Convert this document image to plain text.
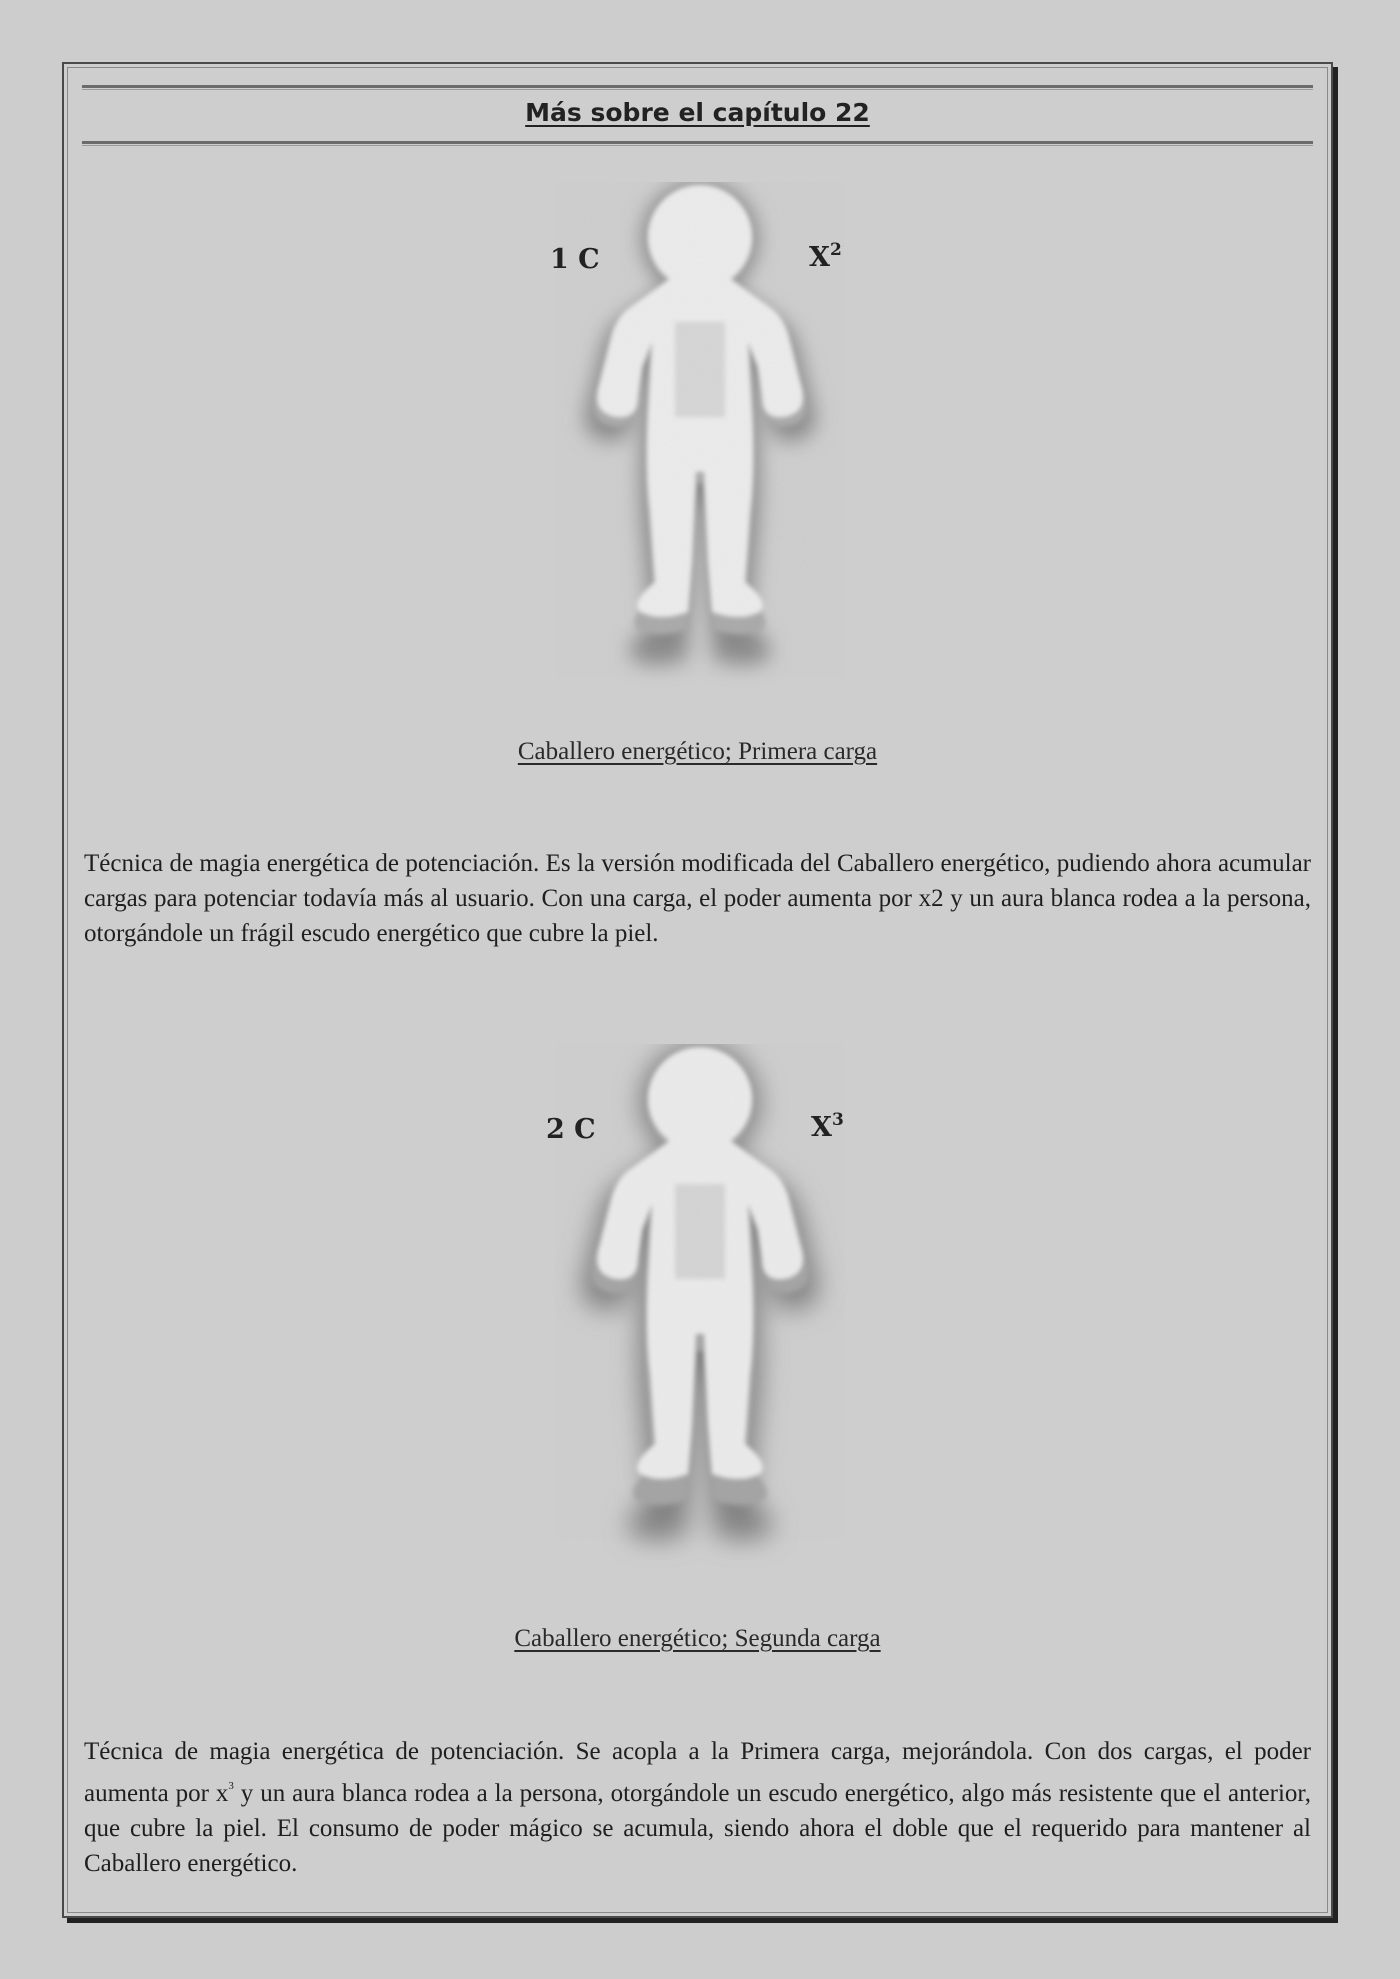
Más sobre el capítulo 22
1 C	$X^2$

Caballero energético; Primera carga

Técnica de magia energética de potenciación. Es la versión modificada del Caballero energético, pudiendo ahora acumular cargas para potenciar todavía más al usuario. Con una carga, el poder aumenta por x2 y un aura blanca rodea a la persona, otorgándole un frágil escudo energético que cubre la piel.

2 C	$X^3$

Caballero energético; Segunda carga

Técnica de magia energética de potenciación. Se acopla a la Primera carga, mejorándola. Con dos cargas, el poder aumenta por $x^3$ y un aura blanca rodea a la persona, otorgándole un escudo energético, algo más resistente que el anterior, que cubre la piel. El consumo de poder mágico se acumula, siendo ahora el doble que el requerido para mantener al Caballero energético.
